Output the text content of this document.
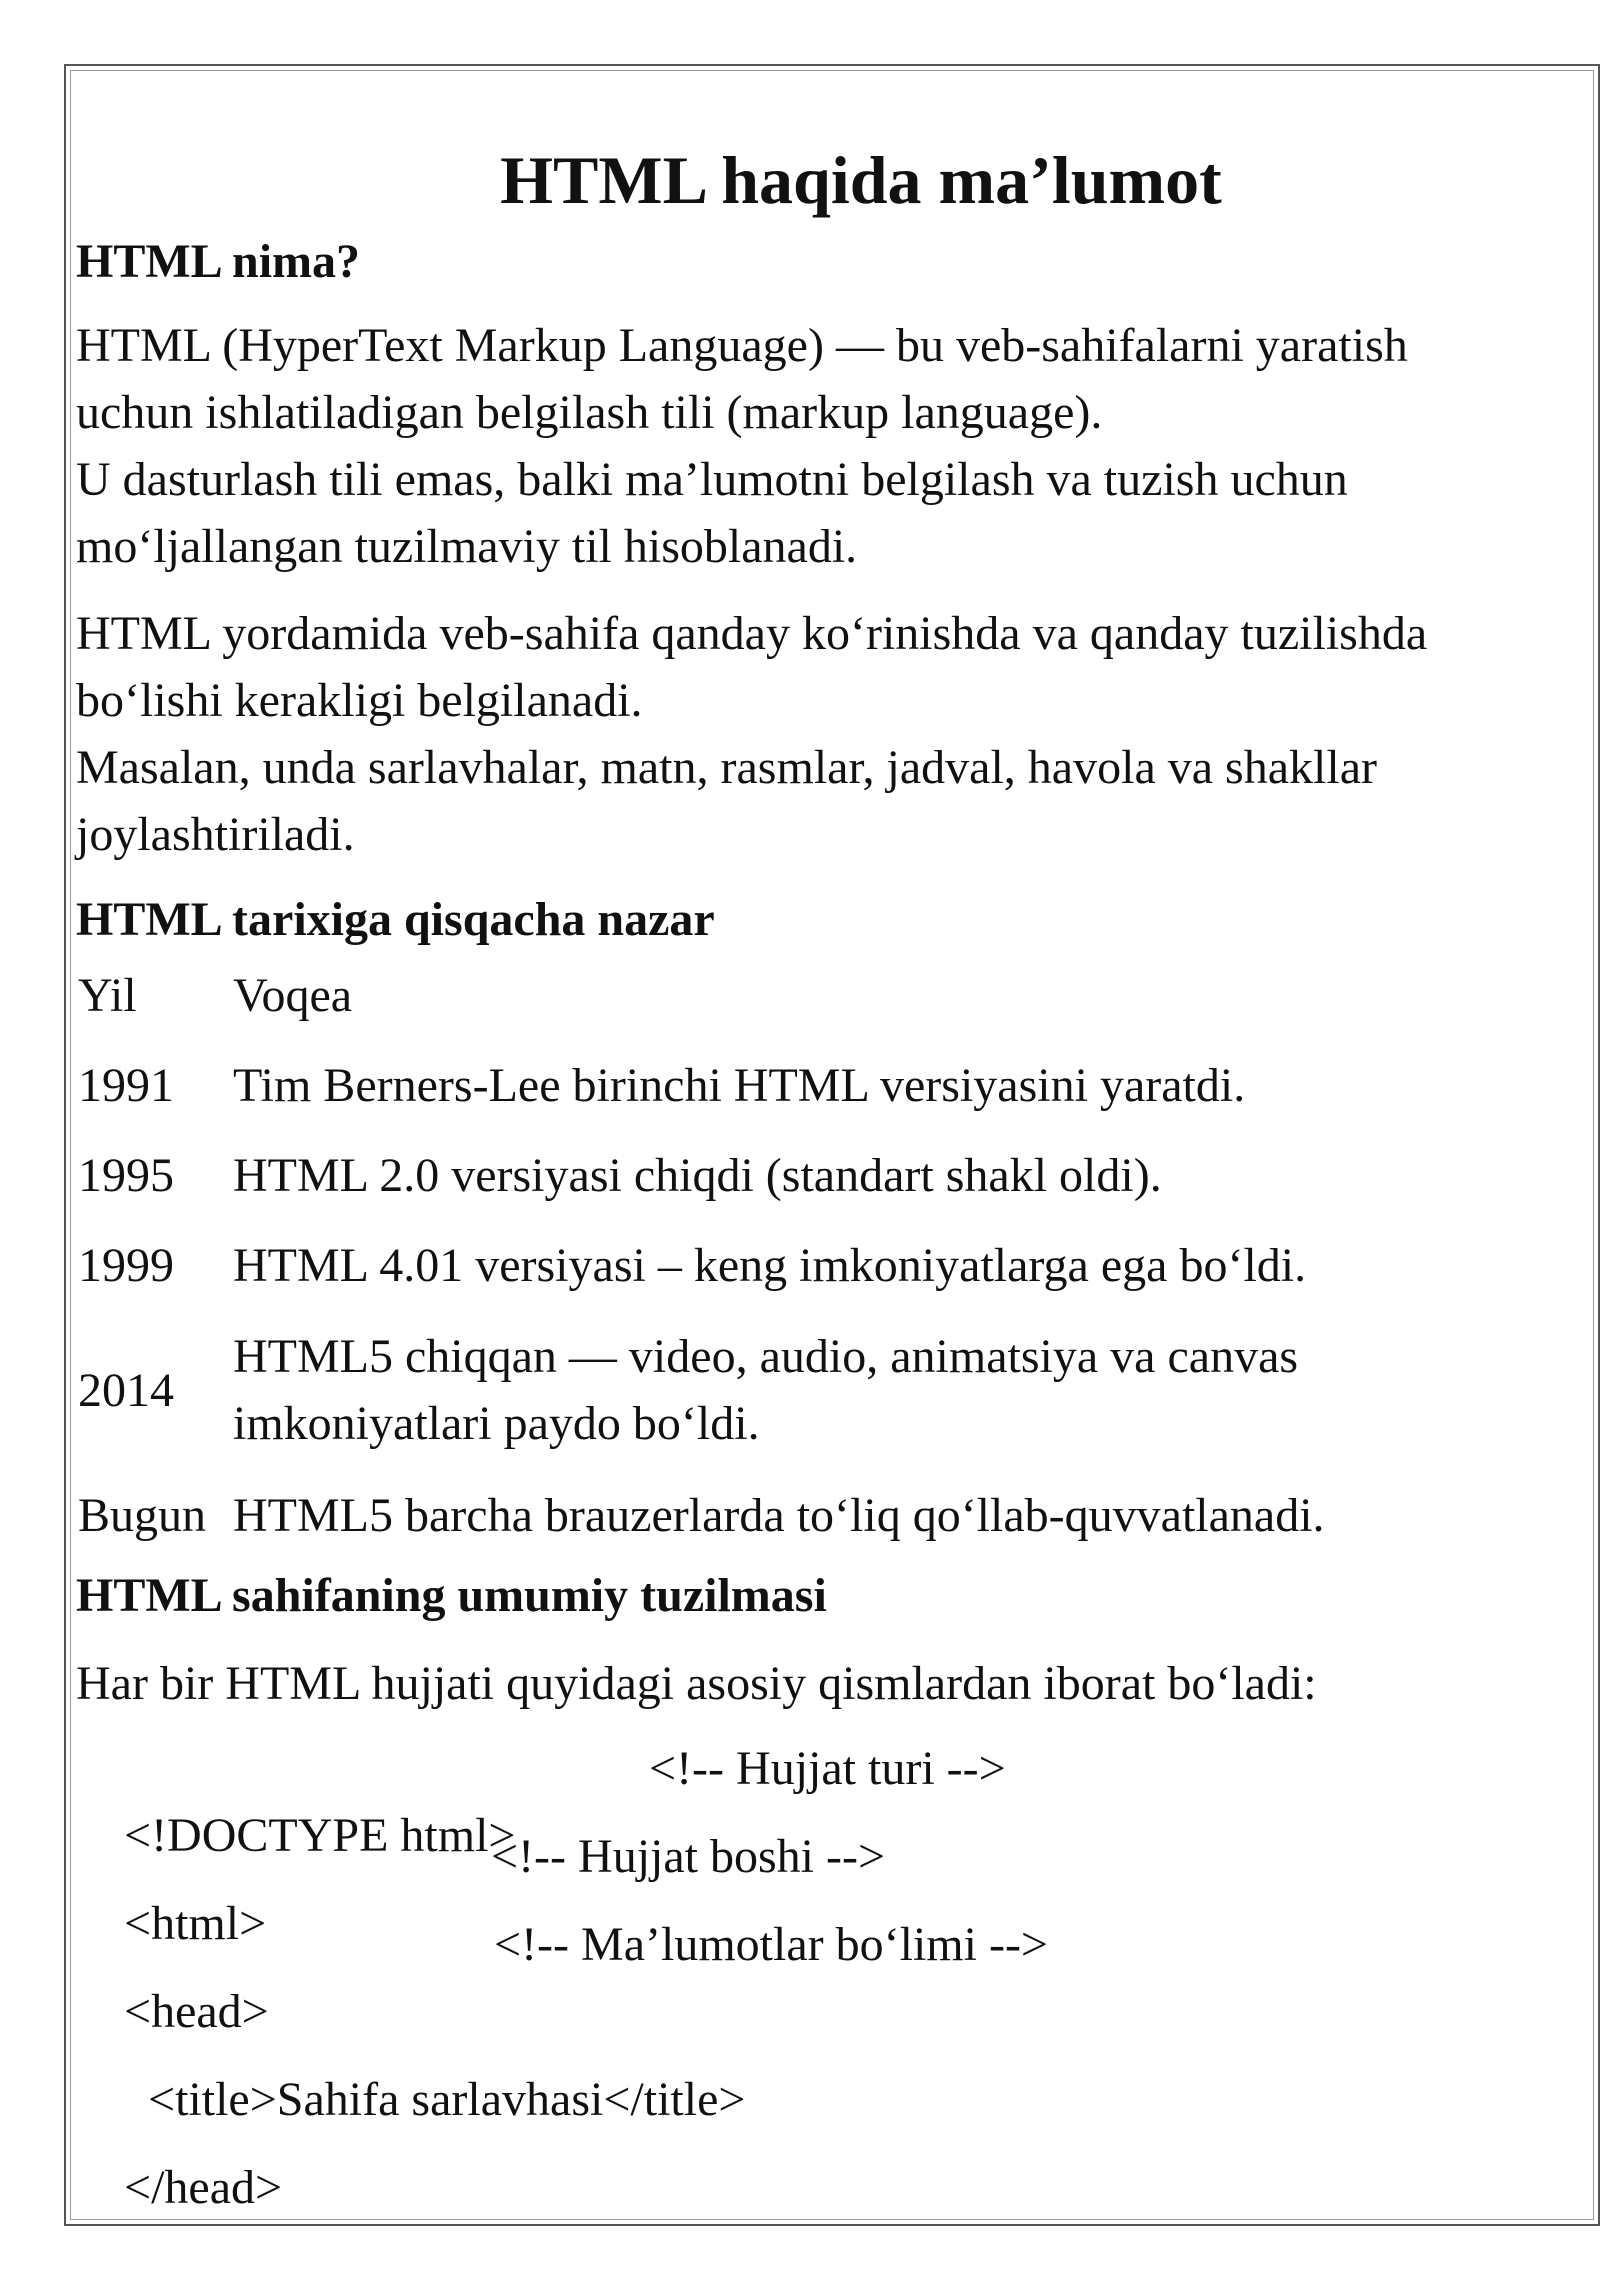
HTML haqida ma’lumot
HTML nima?
HTML (HyperText Markup Language) — bu veb-sahifalarni yaratish
uchun ishlatiladigan belgilash tili (markup language).
U dasturlash tili emas, balki ma’lumotni belgilash va tuzish uchun
mo‘ljallangan tuzilmaviy til hisoblanadi.
HTML yordamida veb-sahifa qanday ko‘rinishda va qanday tuzilishda
bo‘lishi kerakligi belgilanadi.
Masalan, unda sarlavhalar, matn, rasmlar, jadval, havola va shakllar
joylashtiriladi.
HTML tarixiga qisqacha nazar
Yil	Voqea
1991	Tim Berners-Lee birinchi HTML versiyasini yaratdi.
1995	HTML 2.0 versiyasi chiqdi (standart shakl oldi).
1999	HTML 4.01 versiyasi – keng imkoniyatlarga ega bo‘ldi.
2014	HTML5 chiqqan — video, audio, animatsiya va canvas imkoniyatlari paydo bo‘ldi.
Bugun	HTML5 barcha brauzerlarda to‘liq qo‘llab-quvvatlanadi.
HTML sahifaning umumiy tuzilmasi
Har bir HTML hujjati quyidagi asosiy qismlardan iborat bo‘ladi:

<!DOCTYPE html>

<!-- Hujjat turi -->

<html>

<!-- Hujjat boshi -->

<head>

<!-- Ma’lumotlar bo‘limi -->

<title>Sahifa sarlavhasi</title>

</head>
